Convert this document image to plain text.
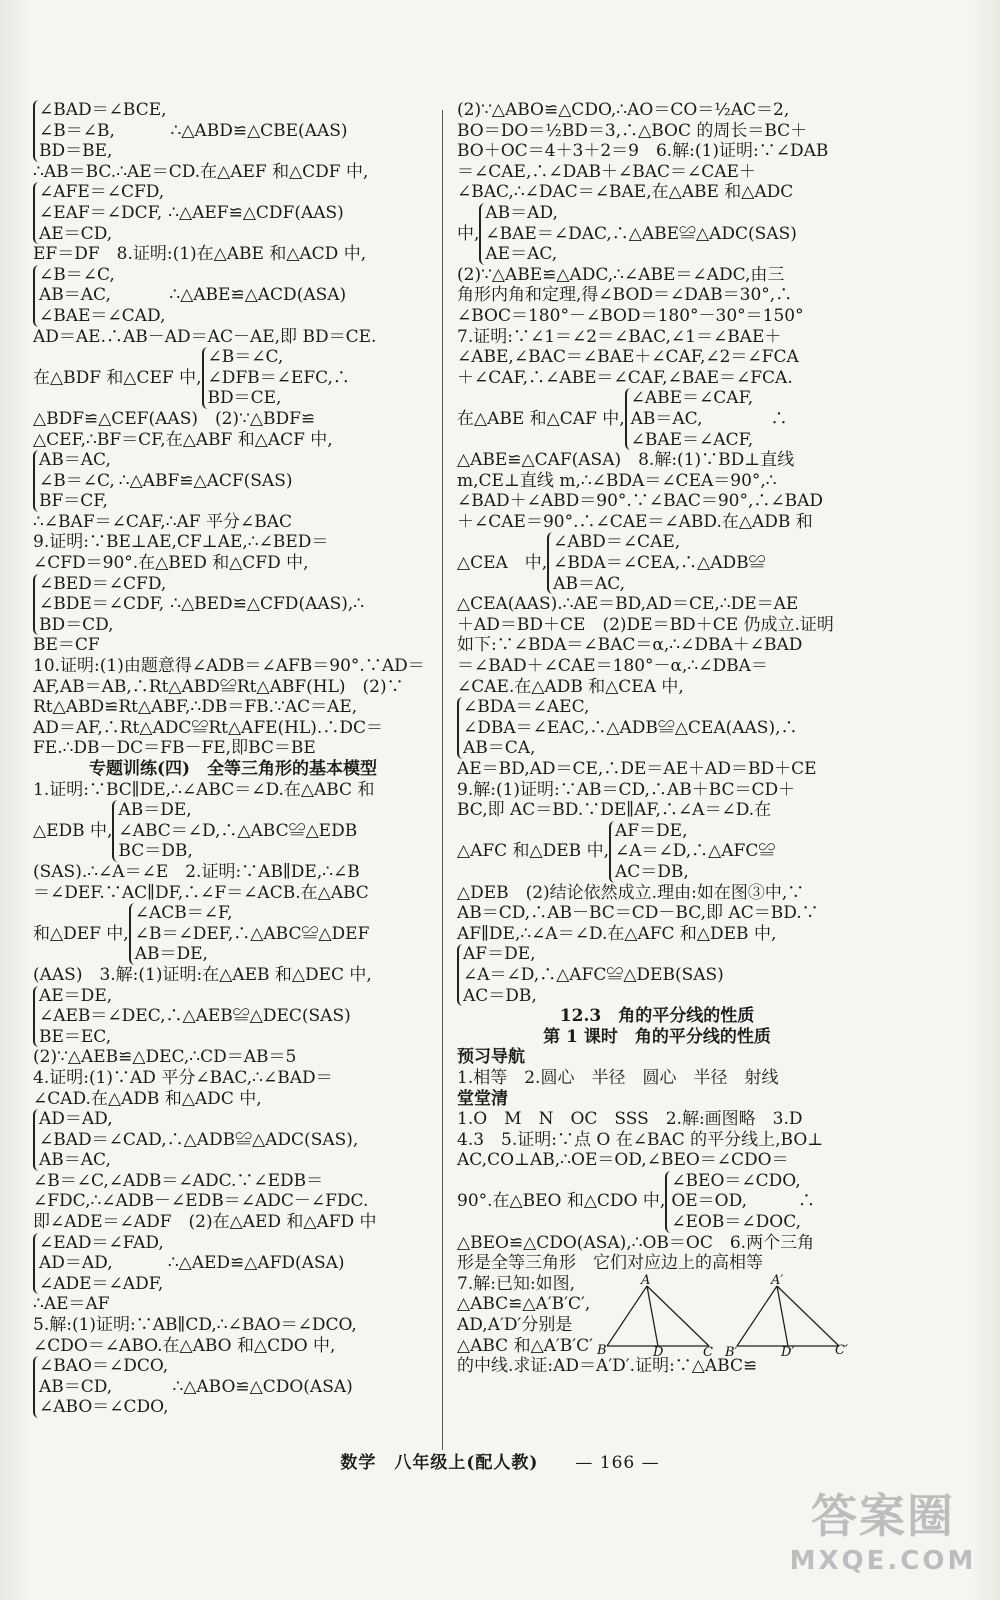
∠BAD＝∠BCE,
∠B＝∠B,
BD＝BE,
∴△ABD≌△CBE(AAS)
∴AB＝BC.∴AE＝CD.在△AEF 和△CDF 中,
∠AFE＝∠CFD,
∠EAF＝∠DCF,
AE＝CD,
∴△AEF≌△CDF(AAS)
EF＝DF　8.证明:(1)在△ABE 和△ACD 中,
∠B＝∠C,
AB＝AC,
∠BAE＝∠CAD,
∴△ABE≌△ACD(ASA)
AD＝AE.∴AB－AD＝AC－AE,即 BD＝CE.
在△BDF 和△CEF 中,
∠B＝∠C,
∠DFB＝∠EFC,∴
BD＝CE,
△BDF≌△CEF(AAS)　(2)∵△BDF≌
△CEF,∴BF＝CF,在△ABF 和△ACF 中,
AB＝AC,
∠B＝∠C,
BF＝CF,
∴△ABF≌△ACF(SAS)
∴∠BAF＝∠CAF,∴AF 平分∠BAC
9.证明:∵BE⊥AE,CF⊥AE,∴∠BED＝
∠CFD＝90°.在△BED 和△CFD 中,
∠BED＝∠CFD,
∠BDE＝∠CDF,
BD＝CD,
∴△BED≌△CFD(AAS),∴
BE＝CF
10.证明:(1)由题意得∠ADB＝∠AFB＝90°.∵AD＝
AF,AB＝AB,∴Rt△ABD≌Rt△ABF(HL)　(2)∵
Rt△ABD≌Rt△ABF,∴DB＝FB.∵AC＝AE,
AD＝AF,∴Rt△ADC≌Rt△AFE(HL).∴DC＝
FE.∴DB－DC＝FB－FE,即BC＝BE
专题训练(四)　全等三角形的基本模型
1.证明:∵BC∥DE,∴∠ABC＝∠D.在△ABC 和
△EDB 中,
AB＝DE,
∠ABC＝∠D,∴△ABC≌△EDB
BC＝DB,
(SAS).∴∠A＝∠E　2.证明:∵AB∥DE,∴∠B
＝∠DEF.∵AC∥DF,∴∠F＝∠ACB.在△ABC
和△DEF 中,
∠ACB＝∠F,
∠B＝∠DEF,∴△ABC≌△DEF
AB＝DE,
(AAS)　3.解:(1)证明:在△AEB 和△DEC 中,
AE＝DE,
∠AEB＝∠DEC,∴△AEB≌△DEC(SAS)
BE＝EC,
(2)∵△AEB≌△DEC,∴CD＝AB＝5
4.证明:(1)∵AD 平分∠BAC,∴∠BAD＝
∠CAD.在△ADB 和△ADC 中,
AD＝AD,
∠BAD＝∠CAD,∴△ADB≌△ADC(SAS),
AB＝AC,
∠B＝∠C,∠ADB＝∠ADC.∵∠EDB＝
∠FDC,∴∠ADB－∠EDB＝∠ADC－∠FDC.
即∠ADE＝∠ADF　(2)在△AED 和△AFD 中
∠EAD＝∠FAD,
AD＝AD,
∠ADE＝∠ADF,
∴△AED≌△AFD(ASA)
∴AE＝AF
5.解:(1)证明:∵AB∥CD,∴∠BAO＝∠DCO,
∠CDO＝∠ABO.在△ABO 和△CDO 中,
∠BAO＝∠DCO,
AB＝CD,
∠ABO＝∠CDO,
∴△ABO≌△CDO(ASA)
(2)∵△ABO≌△CDO,∴AO＝CO＝½AC＝2,
BO＝DO＝½BD＝3,∴△BOC 的周长＝BC＋
BO＋OC＝4＋3＋2＝9　6.解:(1)证明:∵∠DAB
＝∠CAE,∴∠DAB＋∠BAC＝∠CAE＋
∠BAC,∴∠DAC＝∠BAE,在△ABE 和△ADC
中,
AB＝AD,
∠BAE＝∠DAC,∴△ABE≌△ADC(SAS)
AE＝AC,
(2)∵△ABE≌△ADC,∴∠ABE＝∠ADC,由三
角形内角和定理,得∠BOD＝∠DAB＝30°,∴
∠BOC＝180°－∠BOD＝180°－30°＝150°
7.证明:∵∠1＝∠2＝∠BAC,∠1＝∠BAE＋
∠ABE,∠BAC＝∠BAE＋∠CAF,∠2＝∠FCA
＋∠CAF,∴∠ABE＝∠CAF,∠BAE＝∠FCA.
在△ABE 和△CAF 中,
∠ABE＝∠CAF,
AB＝AC,　　　　∴
∠BAE＝∠ACF,
△ABE≌△CAF(ASA)　8.解:(1)∵BD⊥直线
m,CE⊥直线 m,∴∠BDA＝∠CEA＝90°,∴
∠BAD＋∠ABD＝90°.∵∠BAC＝90°,∴∠BAD
＋∠CAE＝90°.∴∠CAE＝∠ABD.在△ADB 和
△CEA　中,
∠ABD＝∠CAE,
∠BDA＝∠CEA,∴△ADB≌
AB＝AC,
△CEA(AAS).∴AE＝BD,AD＝CE,∴DE＝AE
＋AD＝BD＋CE　(2)DE＝BD＋CE 仍成立.证明
如下:∵∠BDA＝∠BAC＝α,∴∠DBA＋∠BAD
＝∠BAD＋∠CAE＝180°－α,∴∠DBA＝
∠CAE.在△ADB 和△CEA 中,
∠BDA＝∠AEC,
∠DBA＝∠EAC,∴△ADB≌△CEA(AAS),∴
AB＝CA,
AE＝BD,AD＝CE,∴DE＝AE＋AD＝BD＋CE
9.解:(1)证明:∵AB＝CD,∴AB＋BC＝CD＋
BC,即 AC＝BD.∵DE∥AF,∴∠A＝∠D.在
△AFC 和△DEB 中,
AF＝DE,
∠A＝∠D,∴△AFC≌
AC＝DB,
△DEB　(2)结论依然成立.理由:如在图③中,∵
AB＝CD,∴AB－BC＝CD－BC,即 AC＝BD.∵
AF∥DE,∴∠A＝∠D.在△AFC 和△DEB 中,
AF＝DE,
∠A＝∠D,∴△AFC≌△DEB(SAS)
AC＝DB,
12.3　角的平分线的性质
第 1 课时　角的平分线的性质
预习导航
1.相等　2.圆心　半径　圆心　半径　射线
堂堂清
1.O　M　N　OC　SSS　2.解:画图略　3.D
4.3　5.证明:∵点 O 在∠BAC 的平分线上,BO⊥
AC,CO⊥AB,∴OE＝OD,∠BEO＝∠CDO＝
90°.在△BEO 和△CDO 中,
∠BEO＝∠CDO,
OE＝OD,　　　∴
∠EOB＝∠DOC,
△BEO≌△CDO(ASA),∴OB＝OC　6.两个三角
形是全等三角形　它们对应边上的高相等
7.解:已知:如图,
△ABC≌△A′B′C′,
AD,A′D′分别是
△ABC 和△A′B′C′
A
B	D	C
A′
B′	D′	C′
的中线.求证:AD＝A′D′.证明:∵△ABC≌
数学　八年级上(配人教) — 166 —
答案圈
MXQE.COM
